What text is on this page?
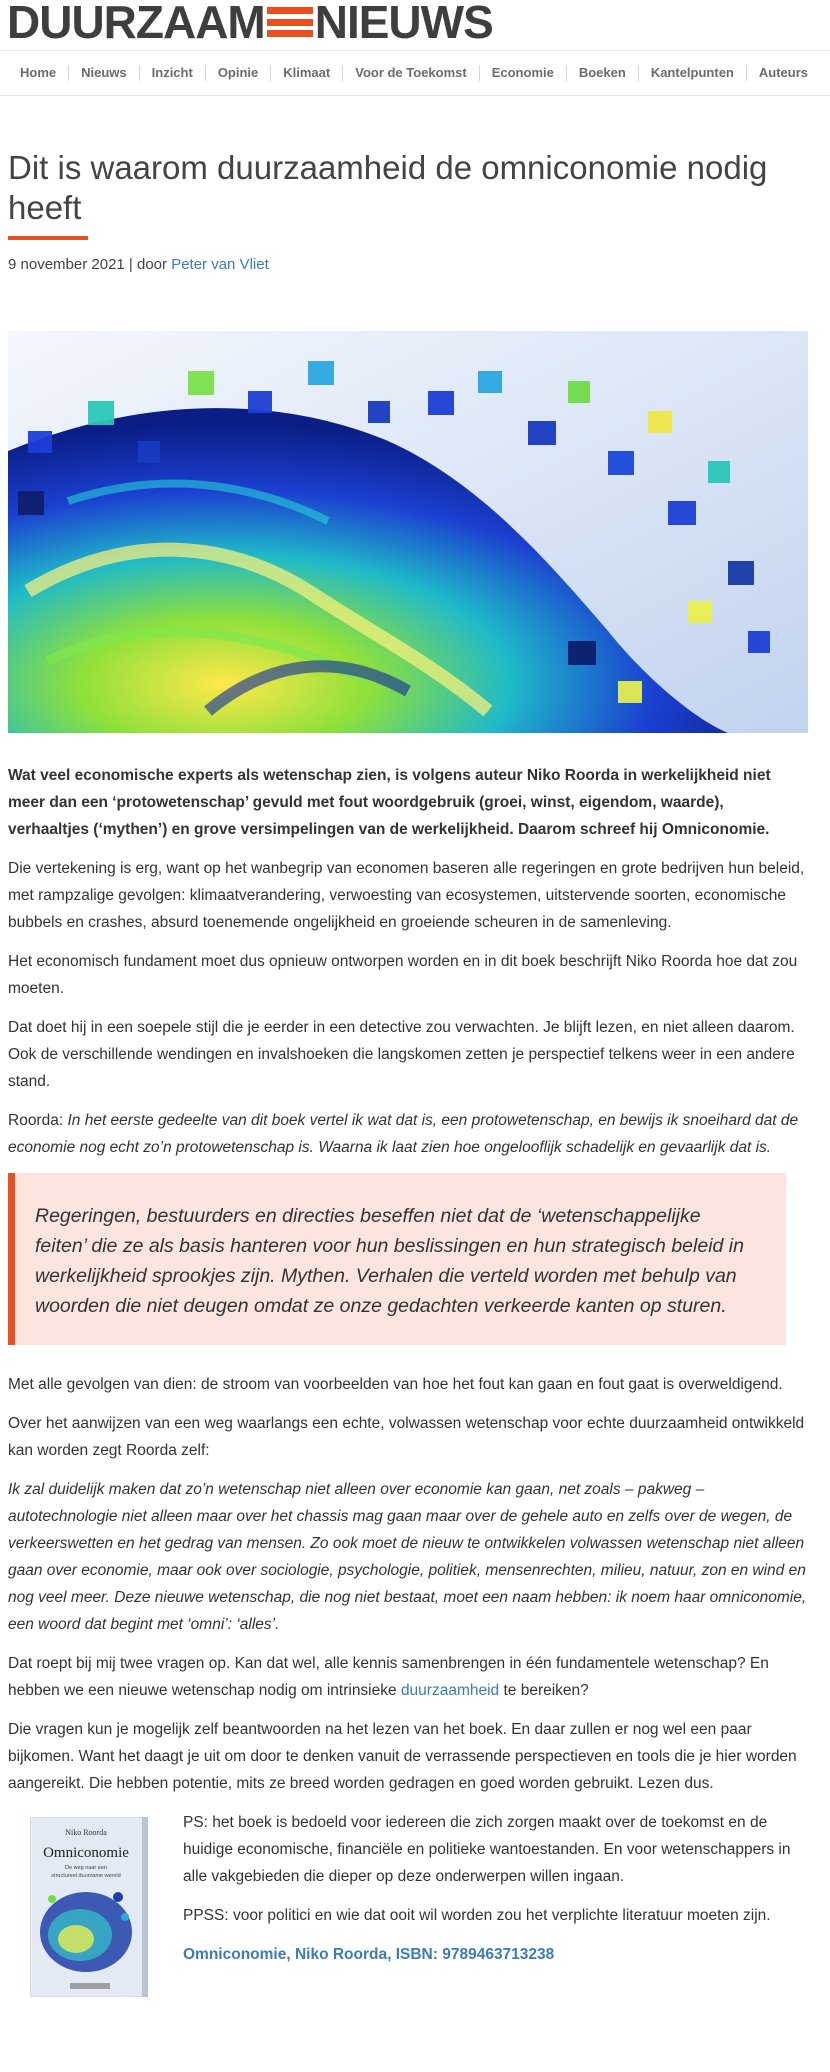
DUURZAAM NIEUWS
Home	Nieuws	Inzicht	Opinie	Klimaat	Voor de Toekomst	Economie	Boeken	Kantelpunten	Auteurs
Dit is waarom duurzaamheid de omniconomie nodig heeft
9 november 2021 | door Peter van Vliet

Wat veel economische experts als wetenschap zien, is volgens auteur Niko Roorda in werkelijkheid niet meer dan een ‘protowetenschap’ gevuld met fout woordgebruik (groei, winst, eigendom, waarde), verhaaltjes (‘mythen’) en grove versimpelingen van de werkelijkheid. Daarom schreef hij Omniconomie.

Die vertekening is erg, want op het wanbegrip van economen baseren alle regeringen en grote bedrijven hun beleid, met rampzalige gevolgen: klimaatverandering, verwoesting van ecosystemen, uitstervende soorten, economische bubbels en crashes, absurd toenemende ongelijkheid en groeiende scheuren in de samenleving.

Het economisch fundament moet dus opnieuw ontworpen worden en in dit boek beschrijft Niko Roorda hoe dat zou moeten.

Dat doet hij in een soepele stijl die je eerder in een detective zou verwachten. Je blijft lezen, en niet alleen daarom. Ook de verschillende wendingen en invalshoeken die langskomen zetten je perspectief telkens weer in een andere stand.

Roorda: In het eerste gedeelte van dit boek vertel ik wat dat is, een protowetenschap, en bewijs ik snoeihard dat de economie nog echt zo’n protowetenschap is. Waarna ik laat zien hoe ongelooflijk schadelijk en gevaarlijk dat is.

Regeringen, bestuurders en directies beseffen niet dat de ‘wetenschappelijke feiten’ die ze als basis hanteren voor hun beslissingen en hun strategisch beleid in werkelijkheid sprookjes zijn. Mythen. Verhalen die verteld worden met behulp van woorden die niet deugen omdat ze onze gedachten verkeerde kanten op sturen.

Met alle gevolgen van dien: de stroom van voorbeelden van hoe het fout kan gaan en fout gaat is overweldigend.

Over het aanwijzen van een weg waarlangs een echte, volwassen wetenschap voor echte duurzaamheid ontwikkeld kan worden zegt Roorda zelf:

Ik zal duidelijk maken dat zo’n wetenschap niet alleen over economie kan gaan, net zoals – pakweg – autotechnologie niet alleen maar over het chassis mag gaan maar over de gehele auto en zelfs over de wegen, de verkeerswetten en het gedrag van mensen. Zo ook moet de nieuw te ontwikkelen volwassen wetenschap niet alleen gaan over economie, maar ook over sociologie, psychologie, politiek, mensenrechten, milieu, natuur, zon en wind en nog veel meer. Deze nieuwe wetenschap, die nog niet bestaat, moet een naam hebben: ik noem haar omniconomie, een woord dat begint met ‘omni’: ‘alles’.

Dat roept bij mij twee vragen op. Kan dat wel, alle kennis samenbrengen in één fundamentele wetenschap? En hebben we een nieuwe wetenschap nodig om intrinsieke duurzaamheid te bereiken?

Die vragen kun je mogelijk zelf beantwoorden na het lezen van het boek. En daar zullen er nog wel een paar bijkomen. Want het daagt je uit om door te denken vanuit de verrassende perspectieven en tools die je hier worden aangereikt. Die hebben potentie, mits ze breed worden gedragen en goed worden gebruikt. Lezen dus.

Niko Roorda
Omniconomie
De weg naar een
structureel duurzame wereld

PS: het boek is bedoeld voor iedereen die zich zorgen maakt over de toekomst en de huidige economische, financiële en politieke wantoestanden. En voor wetenschappers in alle vakgebieden die dieper op deze onderwerpen willen ingaan.

PPSS: voor politici en wie dat ooit wil worden zou het verplichte literatuur moeten zijn.

Omniconomie, Niko Roorda, ISBN: 9789463713238
